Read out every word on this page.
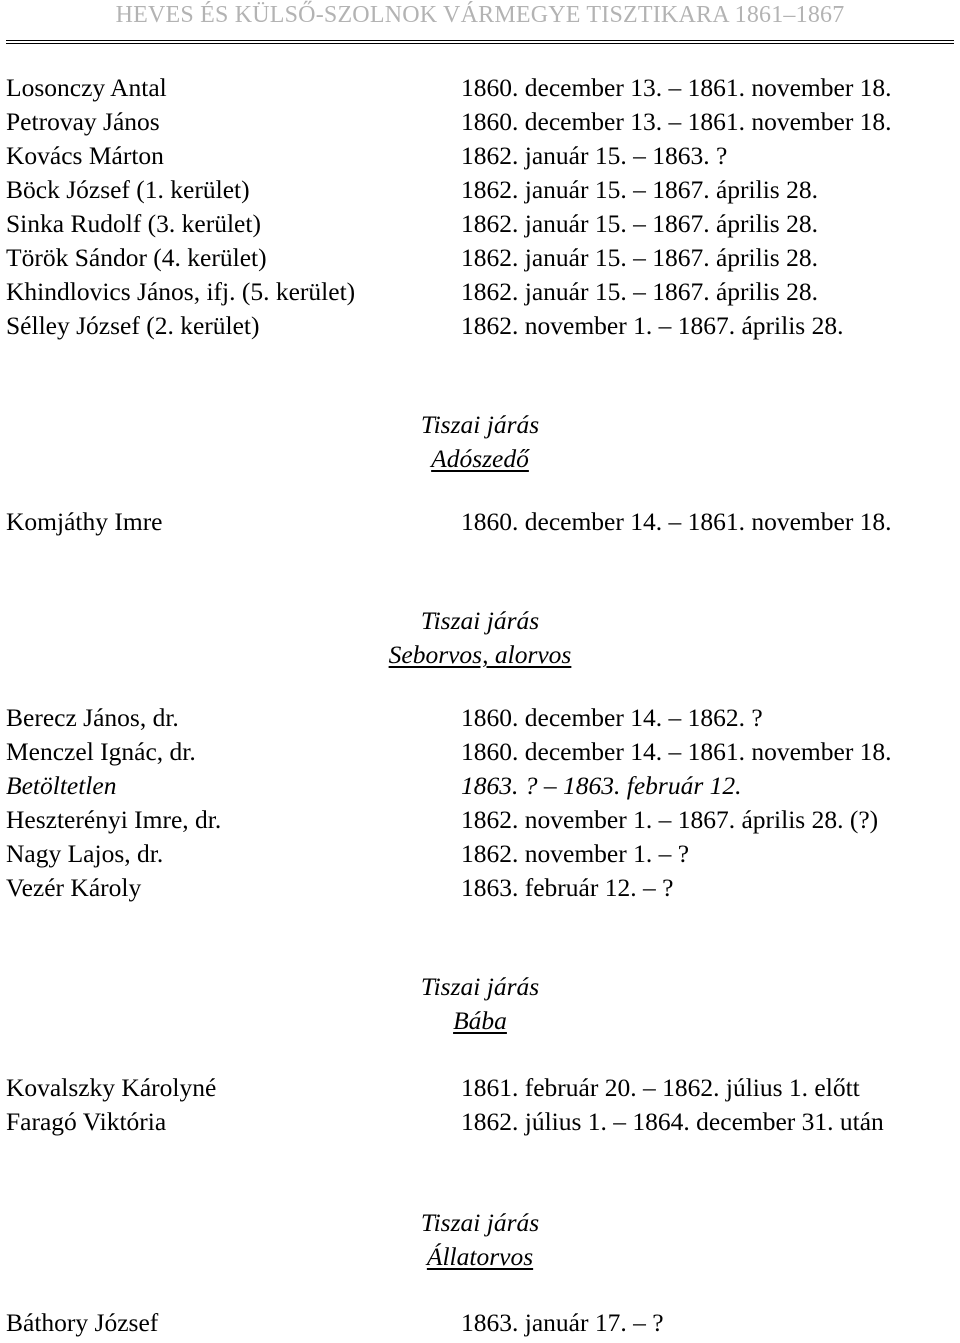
HEVES ÉS KÜLSŐ-SZOLNOK VÁRMEGYE TISZTIKARA 1861–1867
Losonczy Antal	1860. december 13. – 1861. november 18.
Petrovay János	1860. december 13. – 1861. november 18.
Kovács Márton	1862. január 15. – 1863. ?
Böck József (1. kerület)	1862. január 15. – 1867. április 28.
Sinka Rudolf (3. kerület)	1862. január 15. – 1867. április 28.
Török Sándor (4. kerület)	1862. január 15. – 1867. április 28.
Khindlovics János, ifj. (5. kerület)	1862. január 15. – 1867. április 28.
Sélley József (2. kerület)	1862. november 1. – 1867. április 28.
Tiszai járás
Adószedő
Komjáthy Imre	1860. december 14. – 1861. november 18.
Tiszai járás
Seborvos, alorvos
Berecz János, dr.	1860. december 14. – 1862. ?
Menczel Ignác, dr.	1860. december 14. – 1861. november 18.
Betöltetlen	1863. ? – 1863. február 12.
Heszterényi Imre, dr.	1862. november 1. – 1867. április 28. (?)
Nagy Lajos, dr.	1862. november 1. – ?
Vezér Károly	1863. február 12. – ?
Tiszai járás
Bába
Kovalszky Károlyné	1861. február 20. – 1862. július 1. előtt
Faragó Viktória	1862. július 1. – 1864. december 31. után
Tiszai járás
Állatorvos
Báthory József	1863. január 17. – ?
